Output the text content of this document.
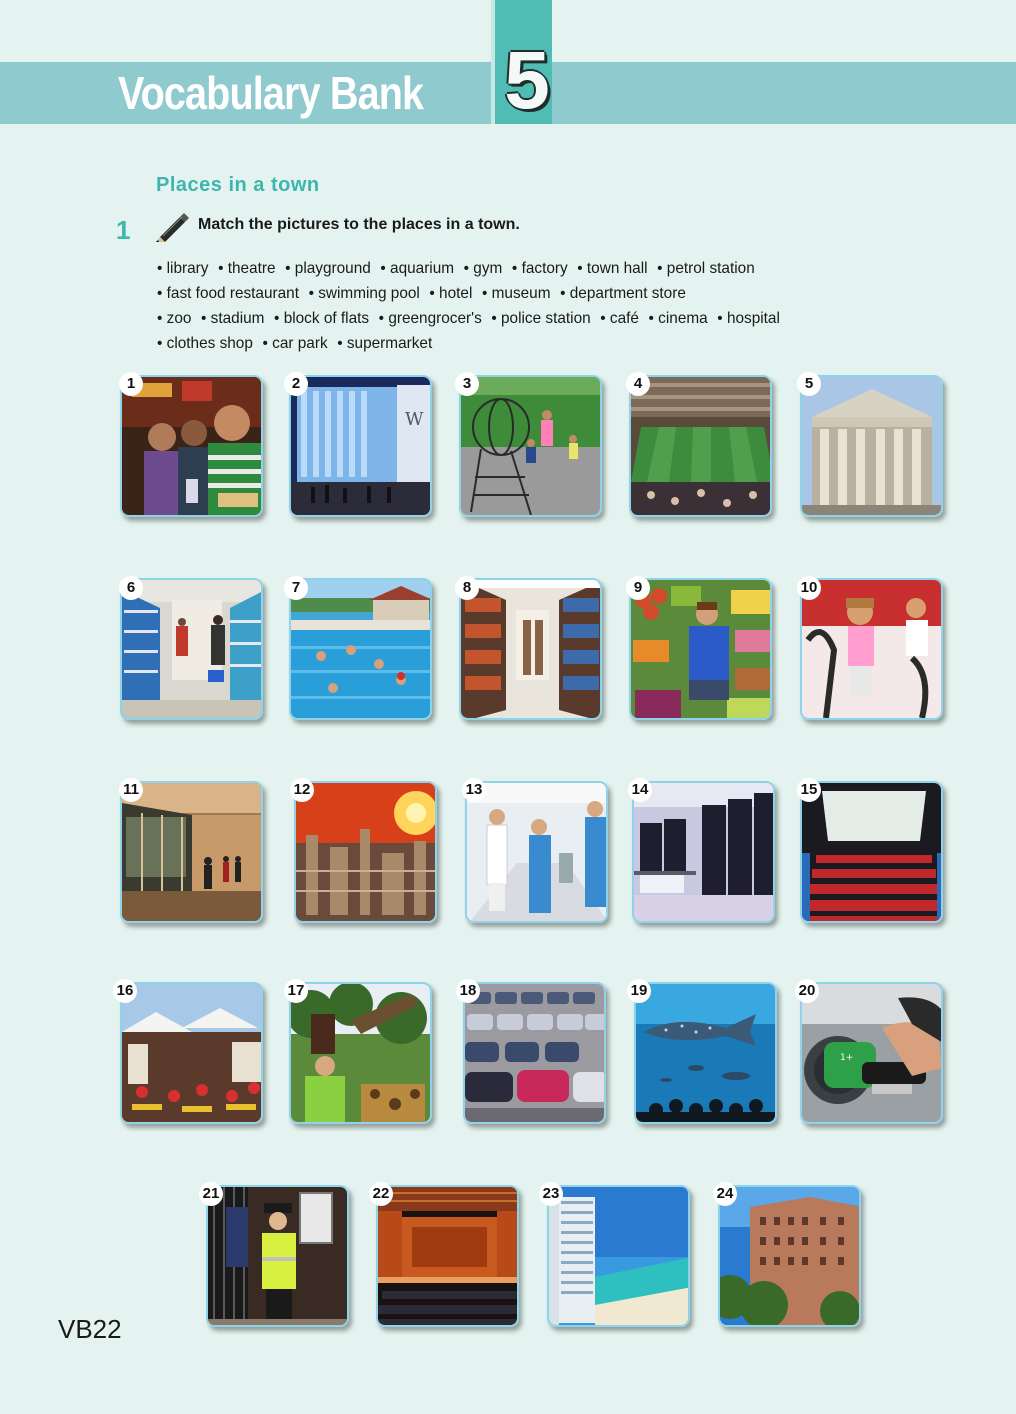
Vocabulary Bank 5
Places in a town
1	Match the pictures to the places in a town.
• library • theatre • playground • aquarium • gym • factory • town hall • petrol station
• fast food restaurant • swimming pool • hotel • museum • department store
• zoo • stadium • block of flats • greengrocer's • police station • café • cinema • hospital
• clothes shop • car park • supermarket
1
W
2	3	4	5
6	7	8	9	10
11	12	13	14	15
16	17	18	19
1+
20
21	22	23	24
VB22
